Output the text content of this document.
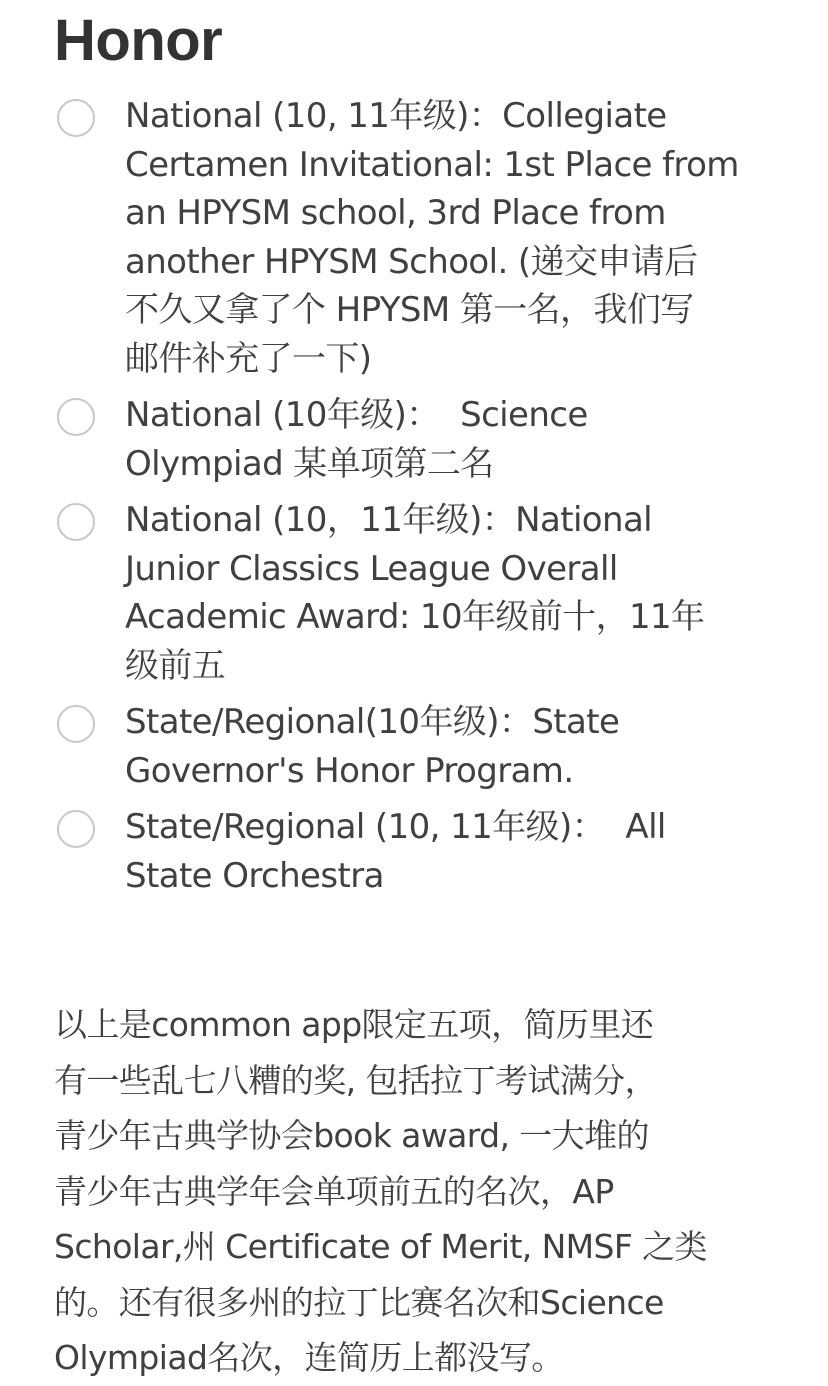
Honor
National (10, 11年级)：Collegiate
Certamen Invitational: 1st Place from
an HPYSM school, 3rd Place from
another HPYSM School. (递交申请后
不久又拿了个 HPYSM 第一名，我们写
邮件补充了一下)
National (10年级)：  Science
Olympiad 某单项第二名
National (10，11年级)：National
Junior Classics League Overall
Academic Award: 10年级前十，11年
级前五
State/Regional(10年级)：State
Governor's Honor Program.
State/Regional (10, 11年级)：  All
State Orchestra
以上是common app限定五项，简历里还
有一些乱七八糟的奖, 包括拉丁考试满分，
青少年古典学协会book award, 一大堆的
青少年古典学年会单项前五的名次，AP
Scholar,州 Certificate of Merit, NMSF 之类
的。还有很多州的拉丁比赛名次和Science
Olympiad名次，连简历上都没写。
